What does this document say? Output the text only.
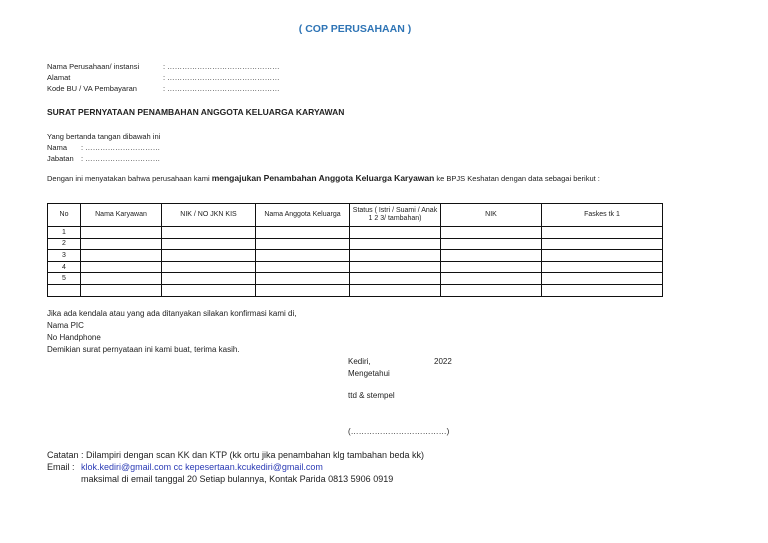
( COP PERUSAHAAN )
Nama Perusahaan/ instansi	: ………………………………………
Alamat	: ………………………………………
Kode BU / VA Pembayaran	: ………………………………………
SURAT PERNYATAAN PENAMBAHAN ANGGOTA KELUARGA KARYAWAN
Yang bertanda tangan dibawah ini
Nama : …………………………
Jabatan : …………………………
Dengan ini menyatakan bahwa perusahaan kami mengajukan Penambahan Anggota Keluarga Karyawan ke BPJS Keshatan dengan data sebagai berikut :
No	Nama Karyawan	NIK / NO JKN KIS	Nama Anggota Keluarga	Status ( Istri / Suami / Anak 1 2 3/ tambahan)	NIK	Faskes tk 1
1						
2						
3						
4						
5						

Jika ada kendala atau yang ada ditanyakan silakan konfirmasi kami di,
Nama PIC
No Handphone
Demikian surat pernyataan ini kami buat, terima kasih.
Kediri,	2022
Mengetahui
ttd & stempel
(………………………………)
Catatan : Dilampiri dengan scan KK dan KTP (kk ortu jika penambahan klg tambahan beda kk)
Email : klok.kediri@gmail.com cc kepesertaan.kcukediri@gmail.com
maksimal di email tanggal 20 Setiap bulannya, Kontak Parida 0813 5906 0919
